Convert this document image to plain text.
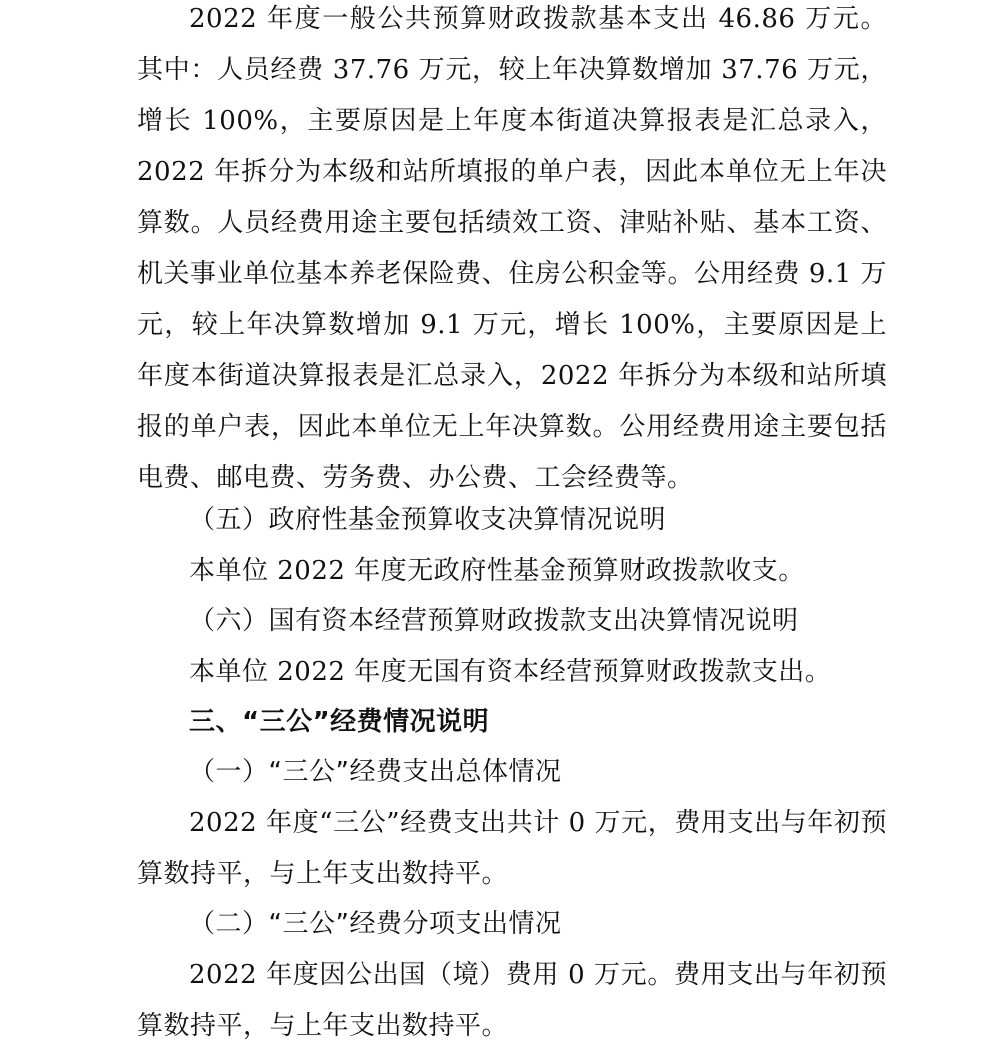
2022 年度一般公共预算财政拨款基本支出 46.86 万元。其中：人员经费 37.76 万元，较上年决算数增加 37.76 万元，增长 100%，主要原因是上年度本街道决算报表是汇总录入，2022 年拆分为本级和站所填报的单户表，因此本单位无上年决算数。人员经费用途主要包括绩效工资、津贴补贴、基本工资、机关事业单位基本养老保险费、住房公积金等。公用经费 9.1 万元，较上年决算数增加 9.1 万元，增长 100%，主要原因是上年度本街道决算报表是汇总录入，2022 年拆分为本级和站所填报的单户表，因此本单位无上年决算数。公用经费用途主要包括电费、邮电费、劳务费、办公费、工会经费等。

（五）政府性基金预算收支决算情况说明

本单位 2022 年度无政府性基金预算财政拨款收支。

（六）国有资本经营预算财政拨款支出决算情况说明

本单位 2022 年度无国有资本经营预算财政拨款支出。

三、“三公”经费情况说明

（一）“三公”经费支出总体情况

2022 年度“三公”经费支出共计 0 万元，费用支出与年初预算数持平，与上年支出数持平。

（二）“三公”经费分项支出情况

2022 年度因公出国（境）费用 0 万元。费用支出与年初预算数持平，与上年支出数持平。
